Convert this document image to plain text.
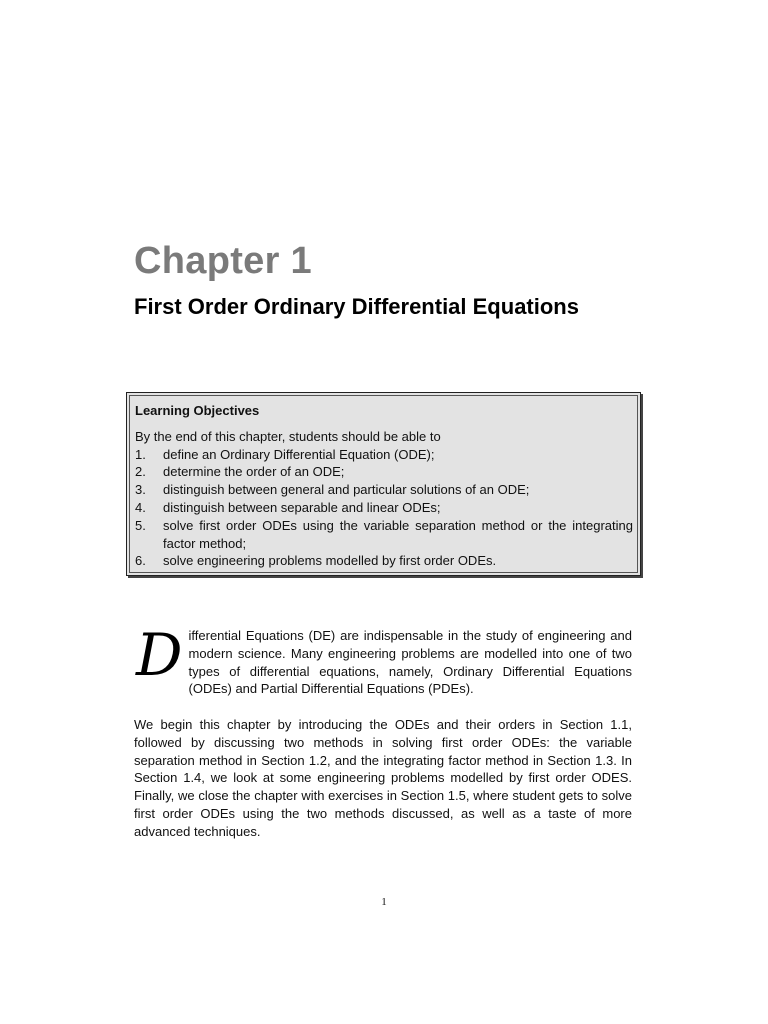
Chapter 1
First Order Ordinary Differential Equations
Learning Objectives

By the end of this chapter, students should be able to

1.	define an Ordinary Differential Equation (ODE);
2.	determine the order of an ODE;
3.	distinguish between general and particular solutions of an ODE;
4.	distinguish between separable and linear ODEs;
5.	solve first order ODEs using the variable separation method or the integrating factor method;
6.	solve engineering problems modelled by first order ODEs.

Differential Equations (DE) are indispensable in the study of engineering and modern science. Many engineering problems are modelled into one of two types of differential equations, namely, Ordinary Differential Equations (ODEs) and Partial Differential Equations (PDEs).

We begin this chapter by introducing the ODEs and their orders in Section 1.1, followed by discussing two methods in solving first order ODEs: the variable separation method in Section 1.2, and the integrating factor method in Section 1.3. In Section 1.4, we look at some engineering problems modelled by first order ODES. Finally, we close the chapter with exercises in Section 1.5, where student gets to solve first order ODEs using the two methods discussed, as well as a taste of more advanced techniques.

1
